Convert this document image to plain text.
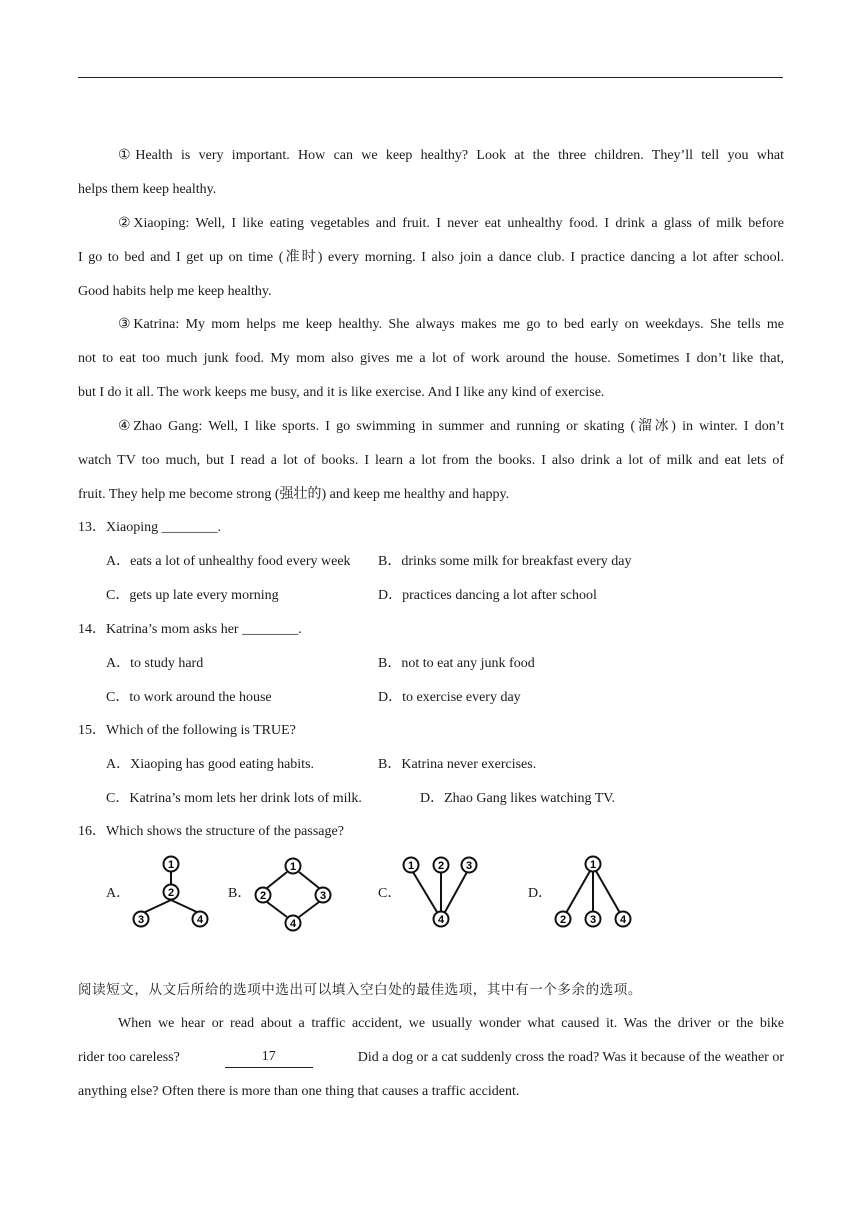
①Health is very important. How can we keep healthy? Look at the three children. They’ll tell you what
helps them keep healthy.
②Xiaoping: Well, I like eating vegetables and fruit. I never eat unhealthy food. I drink a glass of milk before
I go to bed and I get up on time (准时) every morning. I also join a dance club. I practice dancing a lot after school.
Good habits help me keep healthy.
③Katrina: My mom helps me keep healthy. She always makes me go to bed early on weekdays. She tells me
not to eat too much junk food. My mom also gives me a lot of work around the house. Sometimes I don’t like that,
but I do it all. The work keeps me busy, and it is like exercise. And I like any kind of exercise.
④Zhao Gang: Well, I like sports. I go swimming in summer and running or skating (溜冰) in winter. I don’t
watch TV too much, but I read a lot of books. I learn a lot from the books. I also drink a lot of milk and eat lets of
fruit. They help me become strong (强壮的) and keep me healthy and happy.
13．Xiaoping ________.
A．eats a lot of unhealthy food every week B．drinks some milk for breakfast every day
C．gets up late every morning	D．practices dancing a lot after school
14．Katrina’s mom asks her ________.
A．to study hard	B．not to eat any junk food
C．to work around the house	D．to exercise every day
15．Which of the following is TRUE?
A．Xiaoping has good eating habits.	B．Katrina never exercises.
C．Katrina’s mom lets her drink lots of milk.	D．Zhao Gang likes watching TV.
16．Which shows the structure of the passage?
A．
1
2
3	4
B．
1
2	3
4
C．
1 2 3
4
D．
1
2 3 4
阅读短文，从文后所给的选项中选出可以填入空白处的最佳选项，其中有一个多余的选项。
When we hear or read about a traffic accident, we usually wonder what caused it. Was the driver or the bike
rider too careless?	17	Did a dog or a cat suddenly cross the road? Was it because of the weather or
anything else? Often there is more than one thing that causes a traffic accident.
